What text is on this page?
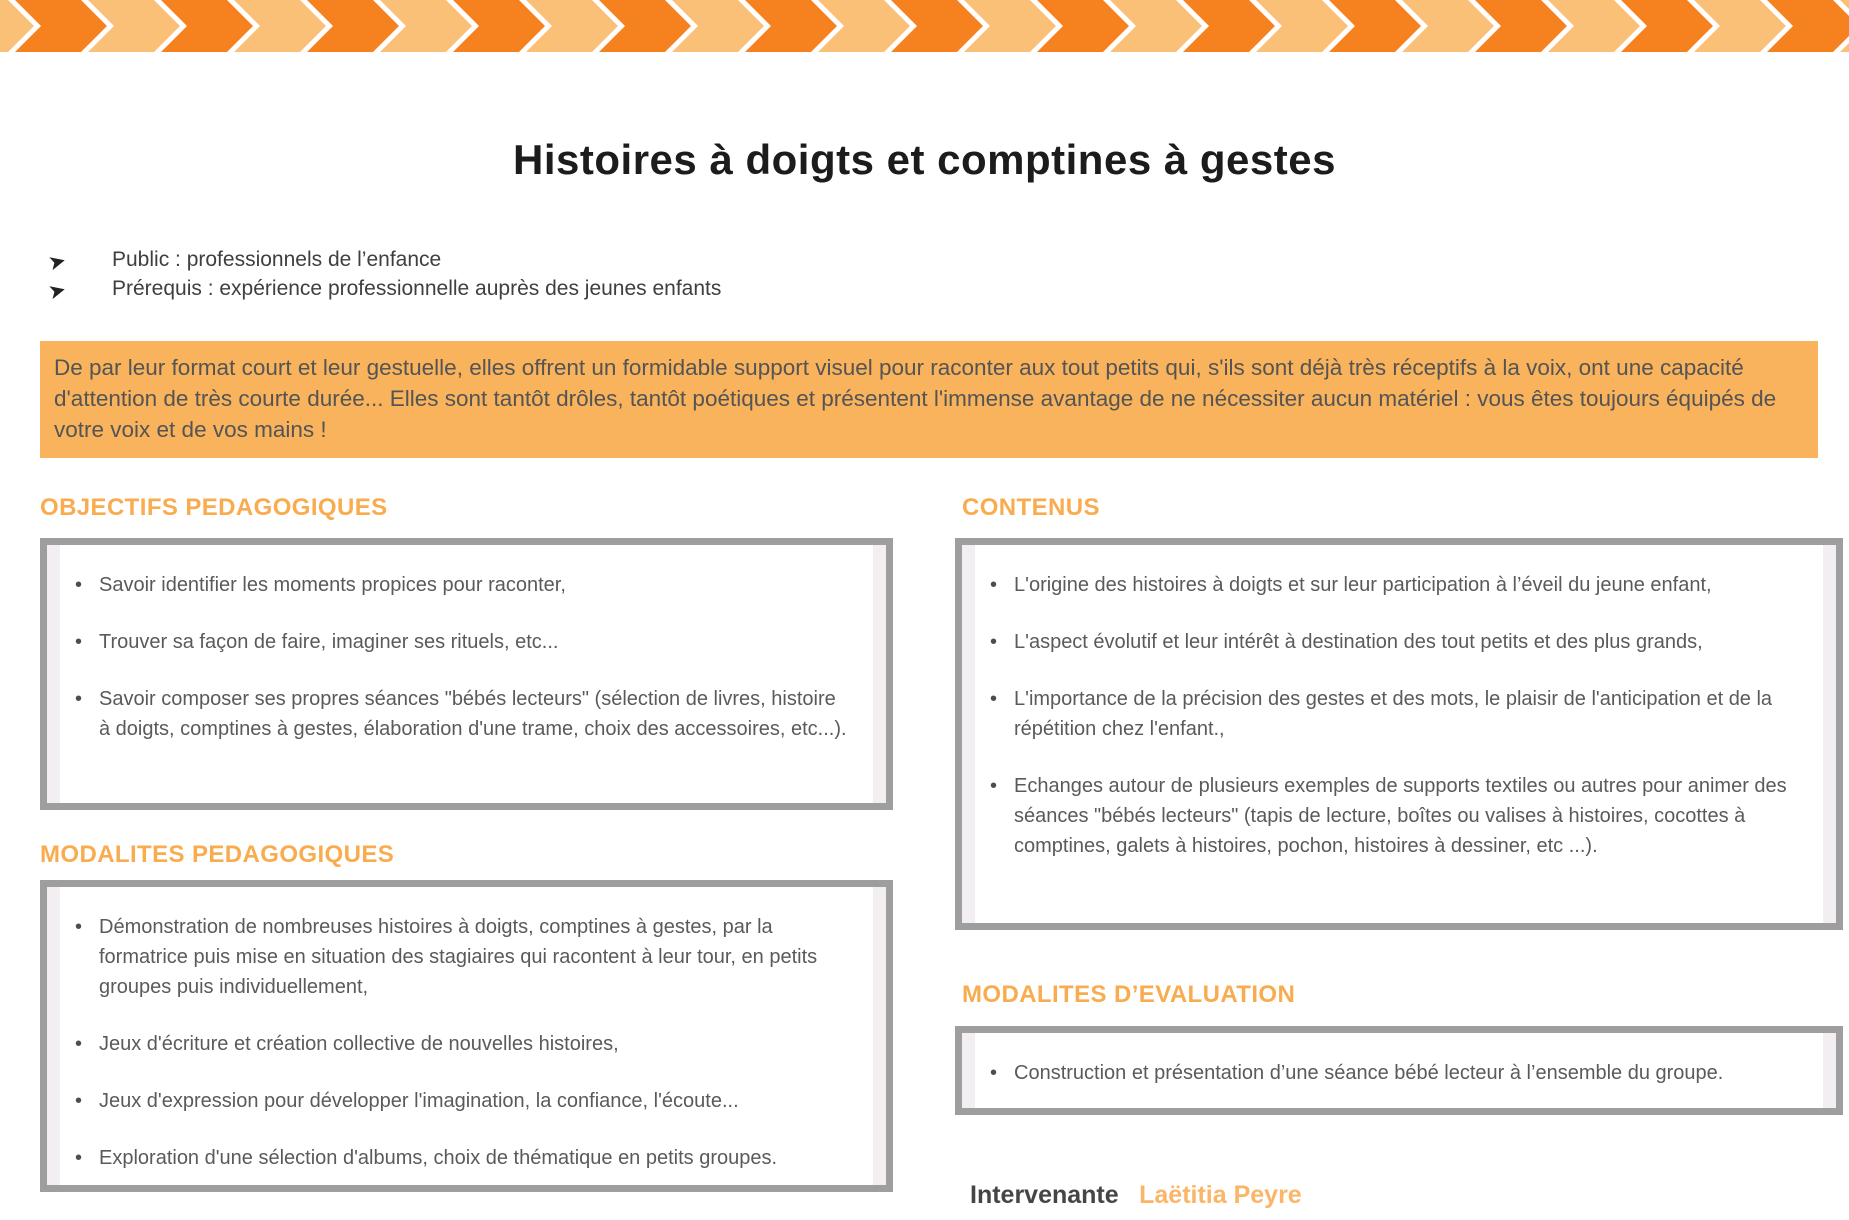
Histoires à doigts et comptines à gestes
➤	Public : professionnels de l’enfance
➤	Prérequis : expérience professionnelle auprès des jeunes enfants

De par leur format court et leur gestuelle, elles offrent un formidable support visuel pour raconter aux tout petits qui, s'ils sont déjà très réceptifs à la voix, ont une capacité d'attention de très courte durée... Elles sont tantôt drôles, tantôt poétiques et présentent l'immense avantage de ne nécessiter aucun matériel : vous êtes toujours équipés de votre voix et de vos mains !

OBJECTIFS PEDAGOGIQUES
• Savoir identifier les moments propices pour raconter,
• Trouver sa façon de faire, imaginer ses rituels, etc...
• Savoir composer ses propres séances "bébés lecteurs" (sélection de livres, histoire à doigts, comptines à gestes, élaboration d'une trame, choix des accessoires, etc...).
MODALITES PEDAGOGIQUES
• Démonstration de nombreuses histoires à doigts, comptines à gestes, par la formatrice puis mise en situation des stagiaires qui racontent à leur tour, en petits groupes puis individuellement,
• Jeux d'écriture et création collective de nouvelles histoires,
• Jeux d'expression pour développer l'imagination, la confiance, l'écoute...
• Exploration d'une sélection d'albums, choix de thématique en petits groupes.
CONTENUS
• L'origine des histoires à doigts et sur leur participation à l’éveil du jeune enfant,
• L'aspect évolutif et leur intérêt à destination des tout petits et des plus grands,
• L'importance de la précision des gestes et des mots, le plaisir de l'anticipation et de la répétition chez l'enfant.,
• Echanges autour de plusieurs exemples de supports textiles ou autres pour animer des séances "bébés lecteurs" (tapis de lecture, boîtes ou valises à histoires, cocottes à comptines, galets à histoires, pochon, histoires à dessiner, etc ...).
MODALITES D’EVALUATION
• Construction et présentation d’une séance bébé lecteur à l’ensemble du groupe.
Intervenante Laëtitia Peyre
